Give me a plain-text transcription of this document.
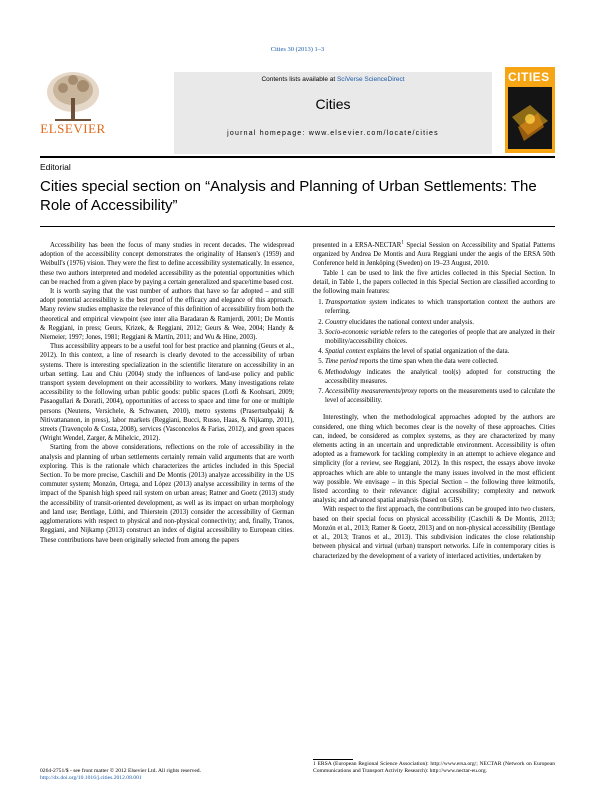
Cities 30 (2013) 1–3
ELSEVIER
Contents lists available at SciVerse ScienceDirect
Cities
journal homepage: www.elsevier.com/locate/cities
CITIES
Editorial
Cities special section on “Analysis and Planning of Urban Settlements: The Role of Accessibility”

Accessibility has been the focus of many studies in recent decades. The widespread adoption of the accessibility concept demonstrates the originality of Hansen's (1959) and Weibull's (1976) vision. They were the first to define accessibility systematically. In essence, these two authors interpreted and modeled accessibility as the potential opportunities which can be reached from a given place by paying a certain generalized and space/time based cost.

It is worth saying that the vast number of authors that have so far adopted – and still adopt potential accessibility is the best proof of the efficacy and elegance of this approach. Many review studies emphasize the relevance of this definition of accessibility from both the theoretical and empirical viewpoint (see inter alia Baradaran & Ramjerdi, 2001; De Montis & Reggiani, in press; Geurs, Krizek, & Reggiani, 2012; Geurs & Wee, 2004; Handy & Niemeier, 1997; Jones, 1981; Reggiani & Martín, 2011; and Wu & Hine, 2003).

Thus accessibility appears to be a useful tool for best practice and planning (Geurs et al., 2012). In this context, a line of research is clearly devoted to the accessibility of urban systems. There is interesting specialization in the scientific literature on accessibility in an urban setting. Lau and Chiu (2004) study the influences of land-use policy and public transport system development on their accessibility to workers. Many investigations relate accessibility to the following urban public goods: public spaces (Lotfi & Koohsari, 2009; Pasaogullari & Doratli, 2004), opportunities of access to space and time for one or multiple persons (Neutens, Versichele, & Schwanen, 2010), metro systems (Prasertsubpakij & Nitivattananon, in press), labor markets (Reggiani, Bucci, Russo, Haas, & Nijkamp, 2011), streets (Travençolo & Costa, 2008), services (Vasconcelos & Farias, 2012), and green spaces (Wright Wendel, Zarger, & Mihelcic, 2012).

Starting from the above considerations, reflections on the role of accessibility in the analysis and planning of urban settlements certainly remain valid arguments that are worth exploring. This is the rationale which characterizes the articles included in this Special Section. To be more precise, Caschili and De Montis (2013) analyze accessibility in the US commuter system; Monzón, Ortega, and López (2013) analyse accessibility in terms of the impact of the Spanish high speed rail system on urban areas; Ratner and Goetz (2013) study the accessibility of transit-oriented development, as well as its impact on urban morphology and land use; Bentlage, Lüthi, and Thierstein (2013) consider the accessibility of German agglomerations with respect to physical and non-physical connectivity; and, finally, Tranos, Reggiani, and Nijkamp (2013) construct an index of digital accessibility to European cities. These contributions have been originally selected from among the papers

presented in a ERSA-NECTAR$^1$ Special Session on Accessibility and Spatial Patterns organized by Andrea De Montis and Aura Reggiani under the aegis of the ERSA 50th Conference held in Jønköping (Sweden) on 19–23 August, 2010.

Table 1 can be used to link the five articles collected in this Special Section. In detail, in Table 1, the papers collected in this Special Section are classified according to the following main features:

1. Transportation system indicates to which transportation context the authors are referring.
2. Country elucidates the national context under analysis.
3. Socio-economic variable refers to the categories of people that are analyzed in their mobility/accessibility choices.
4. Spatial context explains the level of spatial organization of the data.
5. Time period reports the time span when the data were collected.
6. Methodology indicates the analytical tool(s) adopted for constructing the accessibility measures.
7. Accessibility measurements/proxy reports on the measurements used to calculate the level of accessibility.

Interestingly, when the methodological approaches adopted by the authors are considered, one thing which becomes clear is the novelty of these approaches. Cities can, indeed, be considered as complex systems, as they are characterized by many elements acting in an uncertain and unpredictable environment. Accessibility is often adopted as a framework for tackling complexity in an attempt to achieve elegance and simplicity (for a review, see Reggiani, 2012). In this respect, the essays above invoke approaches which are able to untangle the many issues involved in the most efficient way possible. We envisage – in this Special Section – the following three leitmotifs, listed according to their relevance: digital accessibility; complexity and network analysis; and advanced spatial analysis (based on GIS).

With respect to the first approach, the contributions can be grouped into two clusters, based on their special focus on physical accessibility (Caschili & De Montis, 2013; Monzón et al., 2013; Ratner & Goetz, 2013) and on non-physical accessibility (Bentlage et al., 2013; Tranos et al., 2013). This subdivision indicates the close relationship between physical and virtual (urban) transport networks. Life in contemporary cities is characterized by the development of a variety of interlaced activities, undertaken by

1 ERSA (European Regional Science Association): http://www.ersa.org/; NECTAR (Network on European Communications and Transport Activity Research): http://www.nectar-eu.org.
0264-2751/$ - see front matter © 2012 Elsevier Ltd. All rights reserved.
http://dx.doi.org/10.1016/j.cities.2012.08.001
